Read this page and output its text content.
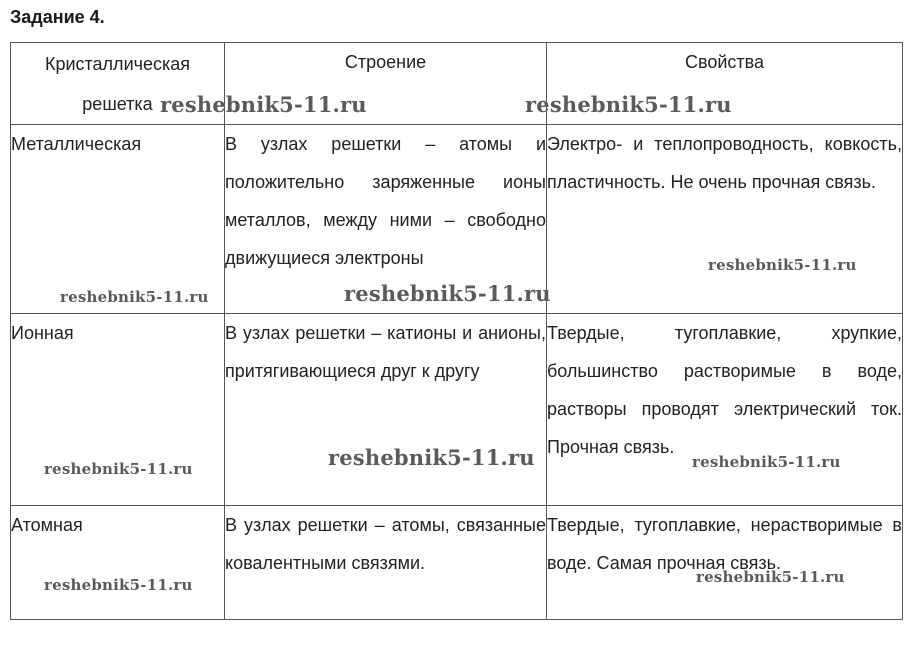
Задание 4.
Кристаллическая решетка	Строение	Свойства
Металлическая	В узлах решетки – атомы и положительно заряженные ионы металлов, между ними – свободно движущиеся электроны	Электро- и теплопроводность, ковкость, пластичность. Не очень прочная связь.

Ионная	В узлах решетки – катионы и анионы, притягивающиеся друг к другу	Твердые, тугоплавкие, хрупкие, большинство растворимые в воде, растворы проводят электрический ток. Прочная связь.

Атомная	В узлах решетки – атомы, связанные ковалентными связями.	Твердые, тугоплавкие, нерастворимые в воде. Самая прочная связь.
reshebnik5-11.ru	reshebnik5-11.ru
reshebnik5-11.ru
reshebnik5-11.ru	reshebnik5-11.ru
reshebnik5-11.ru
reshebnik5-11.ru	reshebnik5-11.ru
reshebnik5-11.ru	reshebnik5-11.ru
